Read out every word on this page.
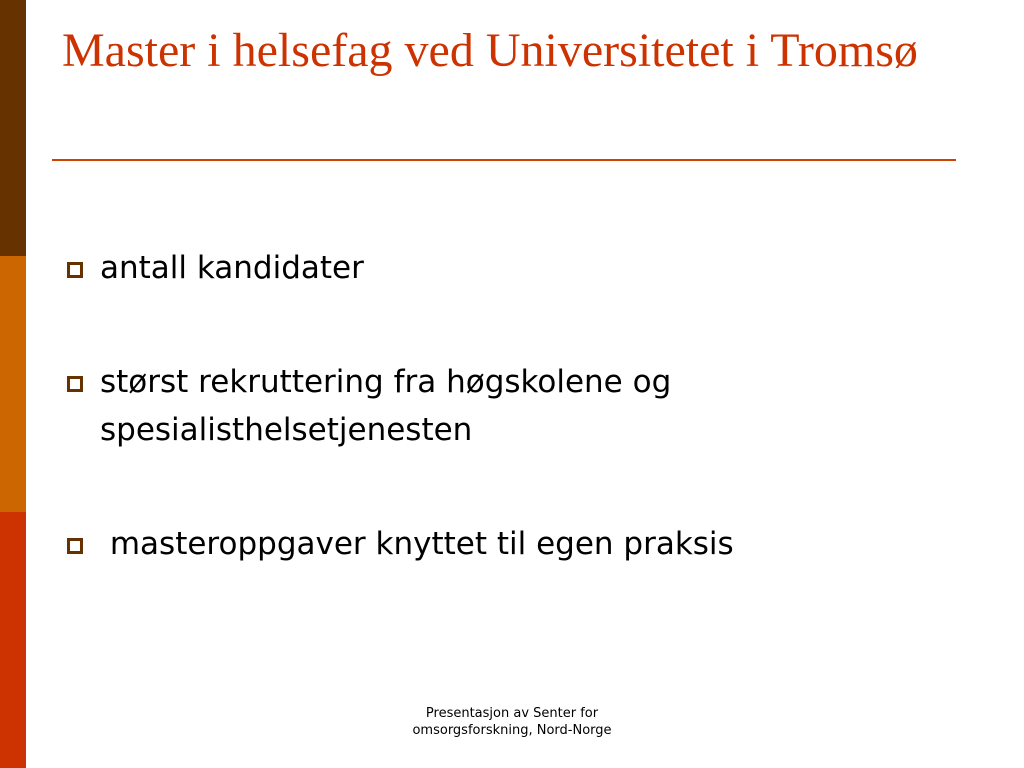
Master i helsefag ved Universitetet i Tromsø
antall kandidater
størst rekruttering fra høgskolene og spesialisthelsetjenesten
masteroppgaver knyttet til egen praksis
Presentasjon av Senter for
omsorgsforskning, Nord-Norge
